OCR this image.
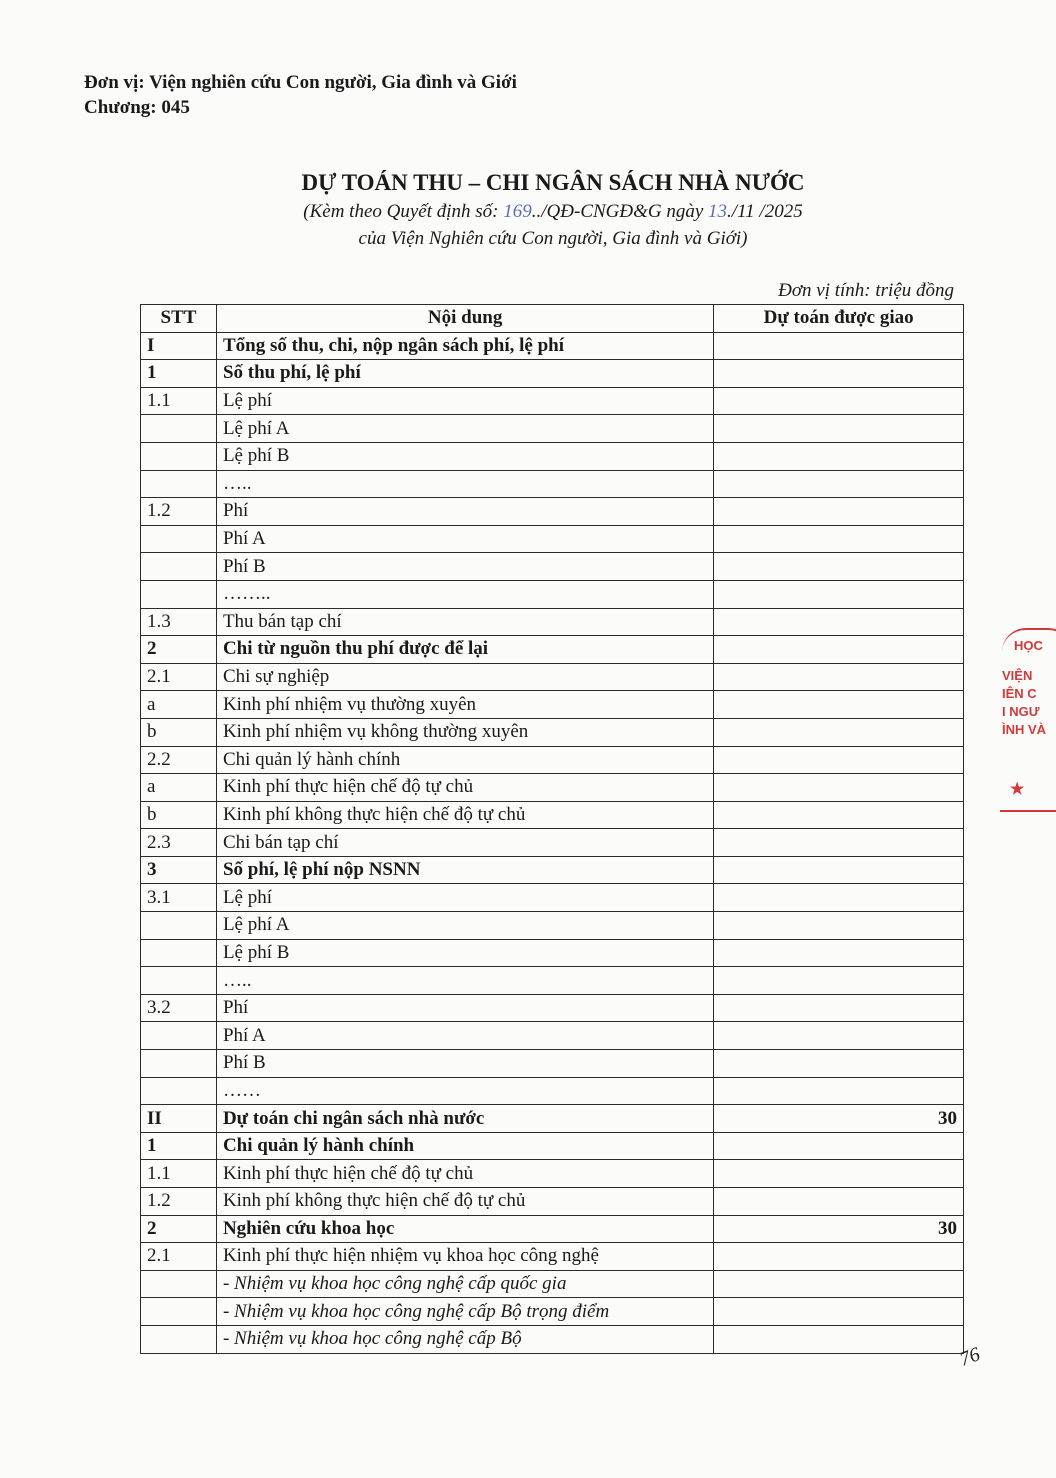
Đơn vị: Viện nghiên cứu Con người, Gia đình và Giới
Chương: 045
DỰ TOÁN THU – CHI NGÂN SÁCH NHÀ NƯỚC
(Kèm theo Quyết định số: 169../QĐ-CNGĐ&G ngày 13./11 /2025
của Viện Nghiên cứu Con người, Gia đình và Giới)
Đơn vị tính: triệu đồng
STT	Nội dung	Dự toán được giao
I	Tổng số thu, chi, nộp ngân sách phí, lệ phí	
1	Số thu phí, lệ phí	
1.1	Lệ phí	
	Lệ phí A	
	Lệ phí B	
	…..	
1.2	Phí	
	Phí A	
	Phí B	
	……..	
1.3	Thu bán tạp chí	
2	Chi từ nguồn thu phí được để lại	
2.1	Chi sự nghiệp	
a	Kinh phí nhiệm vụ thường xuyên	
b	Kinh phí nhiệm vụ không thường xuyên	
2.2	Chi quản lý hành chính	
a	Kinh phí thực hiện chế độ tự chủ	
b	Kinh phí không thực hiện chế độ tự chủ	
2.3	Chi bán tạp chí	
3	Số phí, lệ phí nộp NSNN	
3.1	Lệ phí	
	Lệ phí A	
	Lệ phí B	
	…..	
3.2	Phí	
	Phí A	
	Phí B	
	……	
II	Dự toán chi ngân sách nhà nước	30
1	Chi quản lý hành chính	
1.1	Kinh phí thực hiện chế độ tự chủ	
1.2	Kinh phí không thực hiện chế độ tự chủ	
2	Nghiên cứu khoa học	30
2.1	Kinh phí thực hiện nhiệm vụ khoa học công nghệ	
	- Nhiệm vụ khoa học công nghệ cấp quốc gia	
	- Nhiệm vụ khoa học công nghệ cấp Bộ trọng điểm	
	- Nhiệm vụ khoa học công nghệ cấp Bộ	
HỌC
VIỆN
IÊN C
I NGƯ
ÌNH VÀ
★
76
